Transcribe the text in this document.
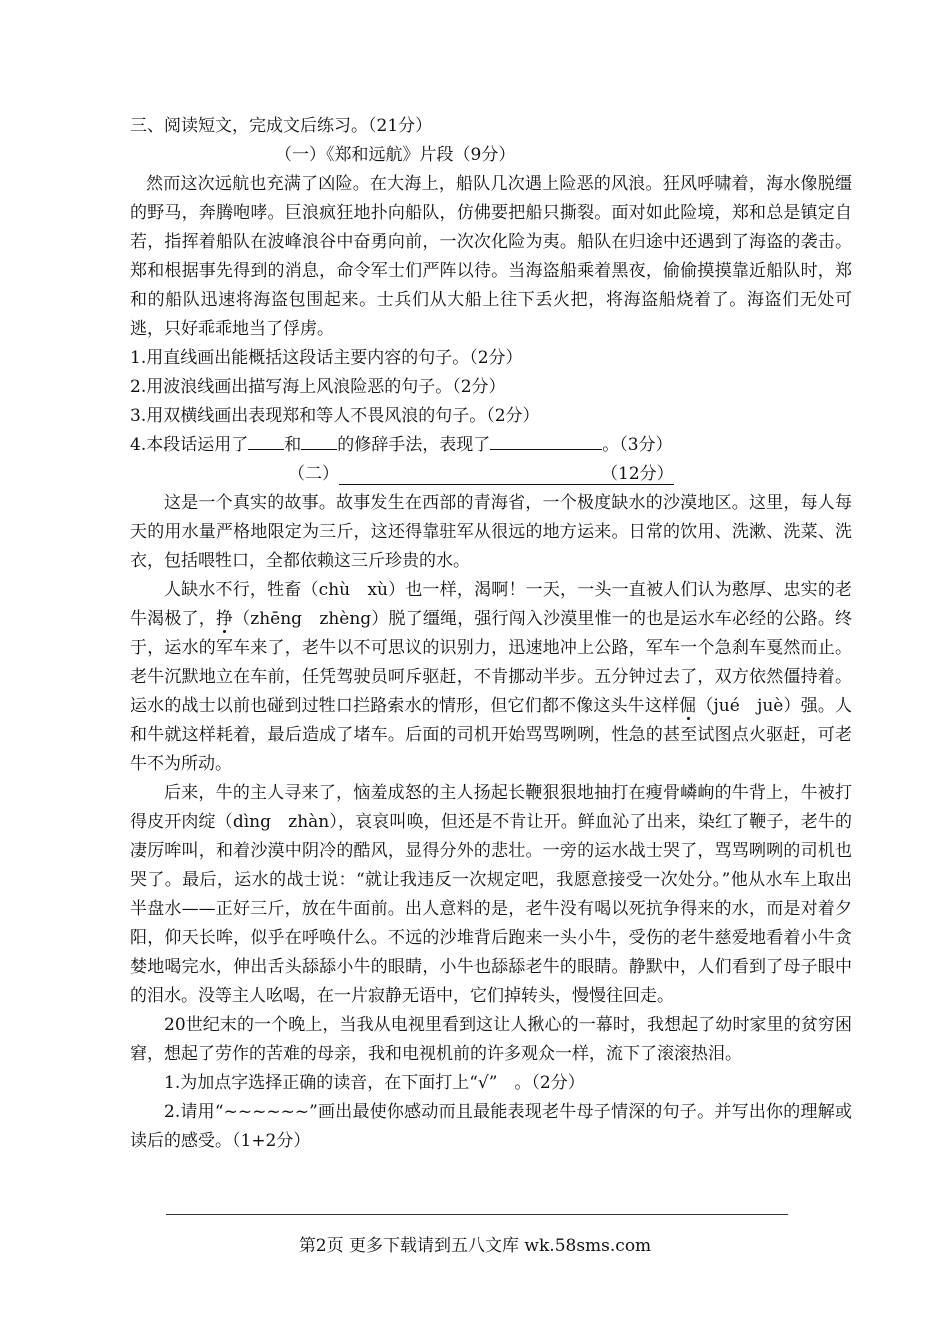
三、阅读短文，完成文后练习。（21分）
（一）《郑和远航》片段（9分）
然而这次远航也充满了凶险。在大海上，船队几次遇上险恶的风浪。狂风呼啸着，海水像脱缰的野马，奔腾咆哮。巨浪疯狂地扑向船队，仿佛要把船只撕裂。面对如此险境，郑和总是镇定自若，指挥着船队在波峰浪谷中奋勇向前，一次次化险为夷。船队在归途中还遇到了海盗的袭击。郑和根据事先得到的消息，命令军士们严阵以待。当海盗船乘着黑夜，偷偷摸摸靠近船队时，郑和的船队迅速将海盗包围起来。士兵们从大船上往下丢火把，将海盗船烧着了。海盗们无处可逃，只好乖乖地当了俘虏。
1.用直线画出能概括这段话主要内容的句子。（2分）
2.用波浪线画出描写海上风浪险恶的句子。（2分）
3.用双横线画出表现郑和等人不畏风浪的句子。（2分）
4.本段话运用了 和 的修辞手法，表现了	。（3分）
（二）	（12分）
这是一个真实的故事。故事发生在西部的青海省，一个极度缺水的沙漠地区。这里，每人每天的用水量严格地限定为三斤，这还得靠驻军从很远的地方运来。日常的饮用、洗漱、洗菜、洗衣，包括喂牲口，全都依赖这三斤珍贵的水。
人缺水不行，牲畜（chù　xù）也一样，渴啊！一天，一头一直被人们认为憨厚、忠实的老牛渴极了，挣（zhēng　zhèng）脱了缰绳，强行闯入沙漠里惟一的也是运水车必经的公路。终于，运水的军车来了，老牛以不可思议的识别力，迅速地冲上公路，军车一个急刹车戛然而止。老牛沉默地立在车前，任凭驾驶员呵斥驱赶，不肯挪动半步。五分钟过去了，双方依然僵持着。运水的战士以前也碰到过牲口拦路索水的情形，但它们都不像这头牛这样倔（jué　juè）强。人和牛就这样耗着，最后造成了堵车。后面的司机开始骂骂咧咧，性急的甚至试图点火驱赶，可老牛不为所动。
后来，牛的主人寻来了，恼羞成怒的主人扬起长鞭狠狠地抽打在瘦骨嶙峋的牛背上，牛被打得皮开肉绽（dìng　zhàn），哀哀叫唤，但还是不肯让开。鲜血沁了出来，染红了鞭子，老牛的凄厉哞叫，和着沙漠中阴冷的酷风，显得分外的悲壮。一旁的运水战士哭了，骂骂咧咧的司机也哭了。最后，运水的战士说：“就让我违反一次规定吧，我愿意接受一次处分。”他从水车上取出半盘水——正好三斤，放在牛面前。出人意料的是，老牛没有喝以死抗争得来的水，而是对着夕阳，仰天长哞，似乎在呼唤什么。不远的沙堆背后跑来一头小牛，受伤的老牛慈爱地看着小牛贪婪地喝完水，伸出舌头舔舔小牛的眼睛，小牛也舔舔老牛的眼睛。静默中，人们看到了母子眼中的泪水。没等主人吆喝，在一片寂静无语中，它们掉转头，慢慢往回走。
20世纪末的一个晚上，当我从电视里看到这让人揪心的一幕时，我想起了幼时家里的贫穷困窘，想起了劳作的苦难的母亲，我和电视机前的许多观众一样，流下了滚滚热泪。
1.为加点字选择正确的读音，在下面打上“√”　。（2分）
2.请用“~~~~~~”画出最使你感动而且最能表现老牛母子情深的句子。并写出你的理解或读后的感受。（1+2分）
第2页 更多下载请到五八文库 wk.58sms.com
